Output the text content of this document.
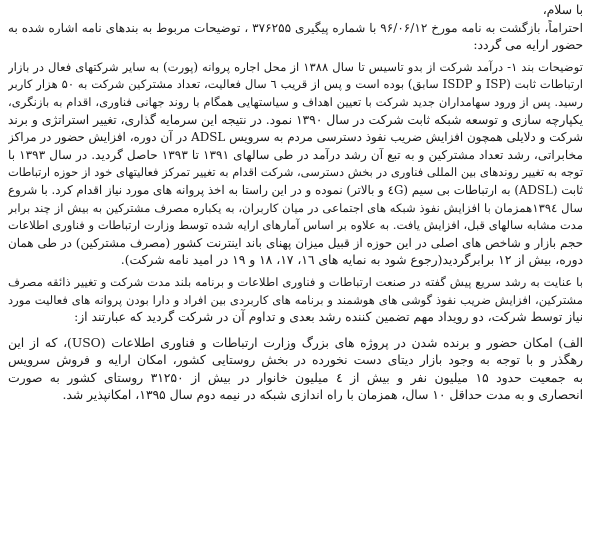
با سلام،

احتراماً، بازگشت به نامه مورخ ۹۶/۰۶/۱۲ با شماره پیگیری ۳۷۶۲۵۵ ، توضیحات مربوط به بندهای نامه اشاره شده به
حضور ارایه می گردد:

توضیحات بند ۱- درآمد شرکت از بدو تاسیس تا سال ۱۳۸۸ از محل اجاره پروانه (پورت) به سایر شرکتهای فعال در بازار
ارتباطات ثابت (ISP و ISDP سابق) بوده است و پس از قریب ٦ سال فعالیت، تعداد مشترکین شرکت به ۵۰ هزار کاربر
رسید. پس از ورود سهامداران جدید شرکت با تعیین اهداف و سیاستهایی همگام با روند جهانی فناوری، اقدام به بازنگری،
یکپارچه سازی و توسعه شبکه ثابت شرکت در سال ۱۳۹۰ نمود. در نتیجه این سرمایه گذاری، تغییر استراتژی و برند
شرکت و دلایلی همچون افزایش ضریب نفوذ دسترسی مردم به سرویس ADSL در آن دوره، افزایش حضور در مراکز
مخابراتی، رشد تعداد مشترکین و به تبع آن رشد درآمد در طی سالهای ۱۳۹۱ تا ۱۳۹۳ حاصل گردید. در سال ۱۳۹۳ با
توجه به تغییر روندهای بین المللی فناوری در بخش دسترسی، شرکت اقدام به تغییر تمرکز فعالیتهای خود از حوزه ارتباطات
ثابت (ADSL) به ارتباطات بی سیم (٤G و بالاتر) نموده و در این راستا به اخذ پروانه های مورد نیاز اقدام کرد. با شروع
سال ۱۳۹٤همزمان با افزایش نفوذ شبکه های اجتماعی در میان کاربران، به یکباره مصرف مشترکین به بیش از چند برابر
مدت مشابه سالهای قبل، افزایش یافت. به علاوه بر اساس آمارهای ارایه شده توسط وزارت ارتباطات و فناوری اطلاعات
حجم بازار و شاخص های اصلی در این حوزه از قبیل میزان پهنای باند اینترنت کشور (مصرف مشترکین) در طی همان
دوره، بیش از ۱۲ برابرگردید(رجوع شود به نمایه های ۱٦، ۱۷، ۱۸ و ۱۹ در امید نامه شرکت).

با عنایت به رشد سریع پیش گفته در صنعت ارتباطات و فناوری اطلاعات و برنامه بلند مدت شرکت و تغییر ذائقه مصرف
مشترکین، افزایش ضریب نفوذ گوشی های هوشمند و برنامه های کاربردی بین افراد و دارا بودن پروانه های فعالیت مورد
نیاز توسط شرکت، دو رویداد مهم تضمین کننده رشد بعدی و تداوم آن در شرکت گردید که عبارتند از:

الف) امکان حضور و برنده شدن در پروژه های بزرگ وزارت ارتباطات و فناوری اطلاعات (USO)، که از این
رهگذر و با توجه به وجود بازار دیتای دست نخورده در بخش روستایی کشور، امکان ارایه و فروش سرویس
به جمعیت حدود ۱۵ میلیون نفر و بیش از ٤ میلیون خانوار در بیش از ۳۱۲۵۰ روستای کشور به صورت
انحصاری و به مدت حداقل ۱۰ سال، همزمان با راه اندازی شبکه در نیمه دوم سال ۱۳۹۵، امکانپذیر شد.
